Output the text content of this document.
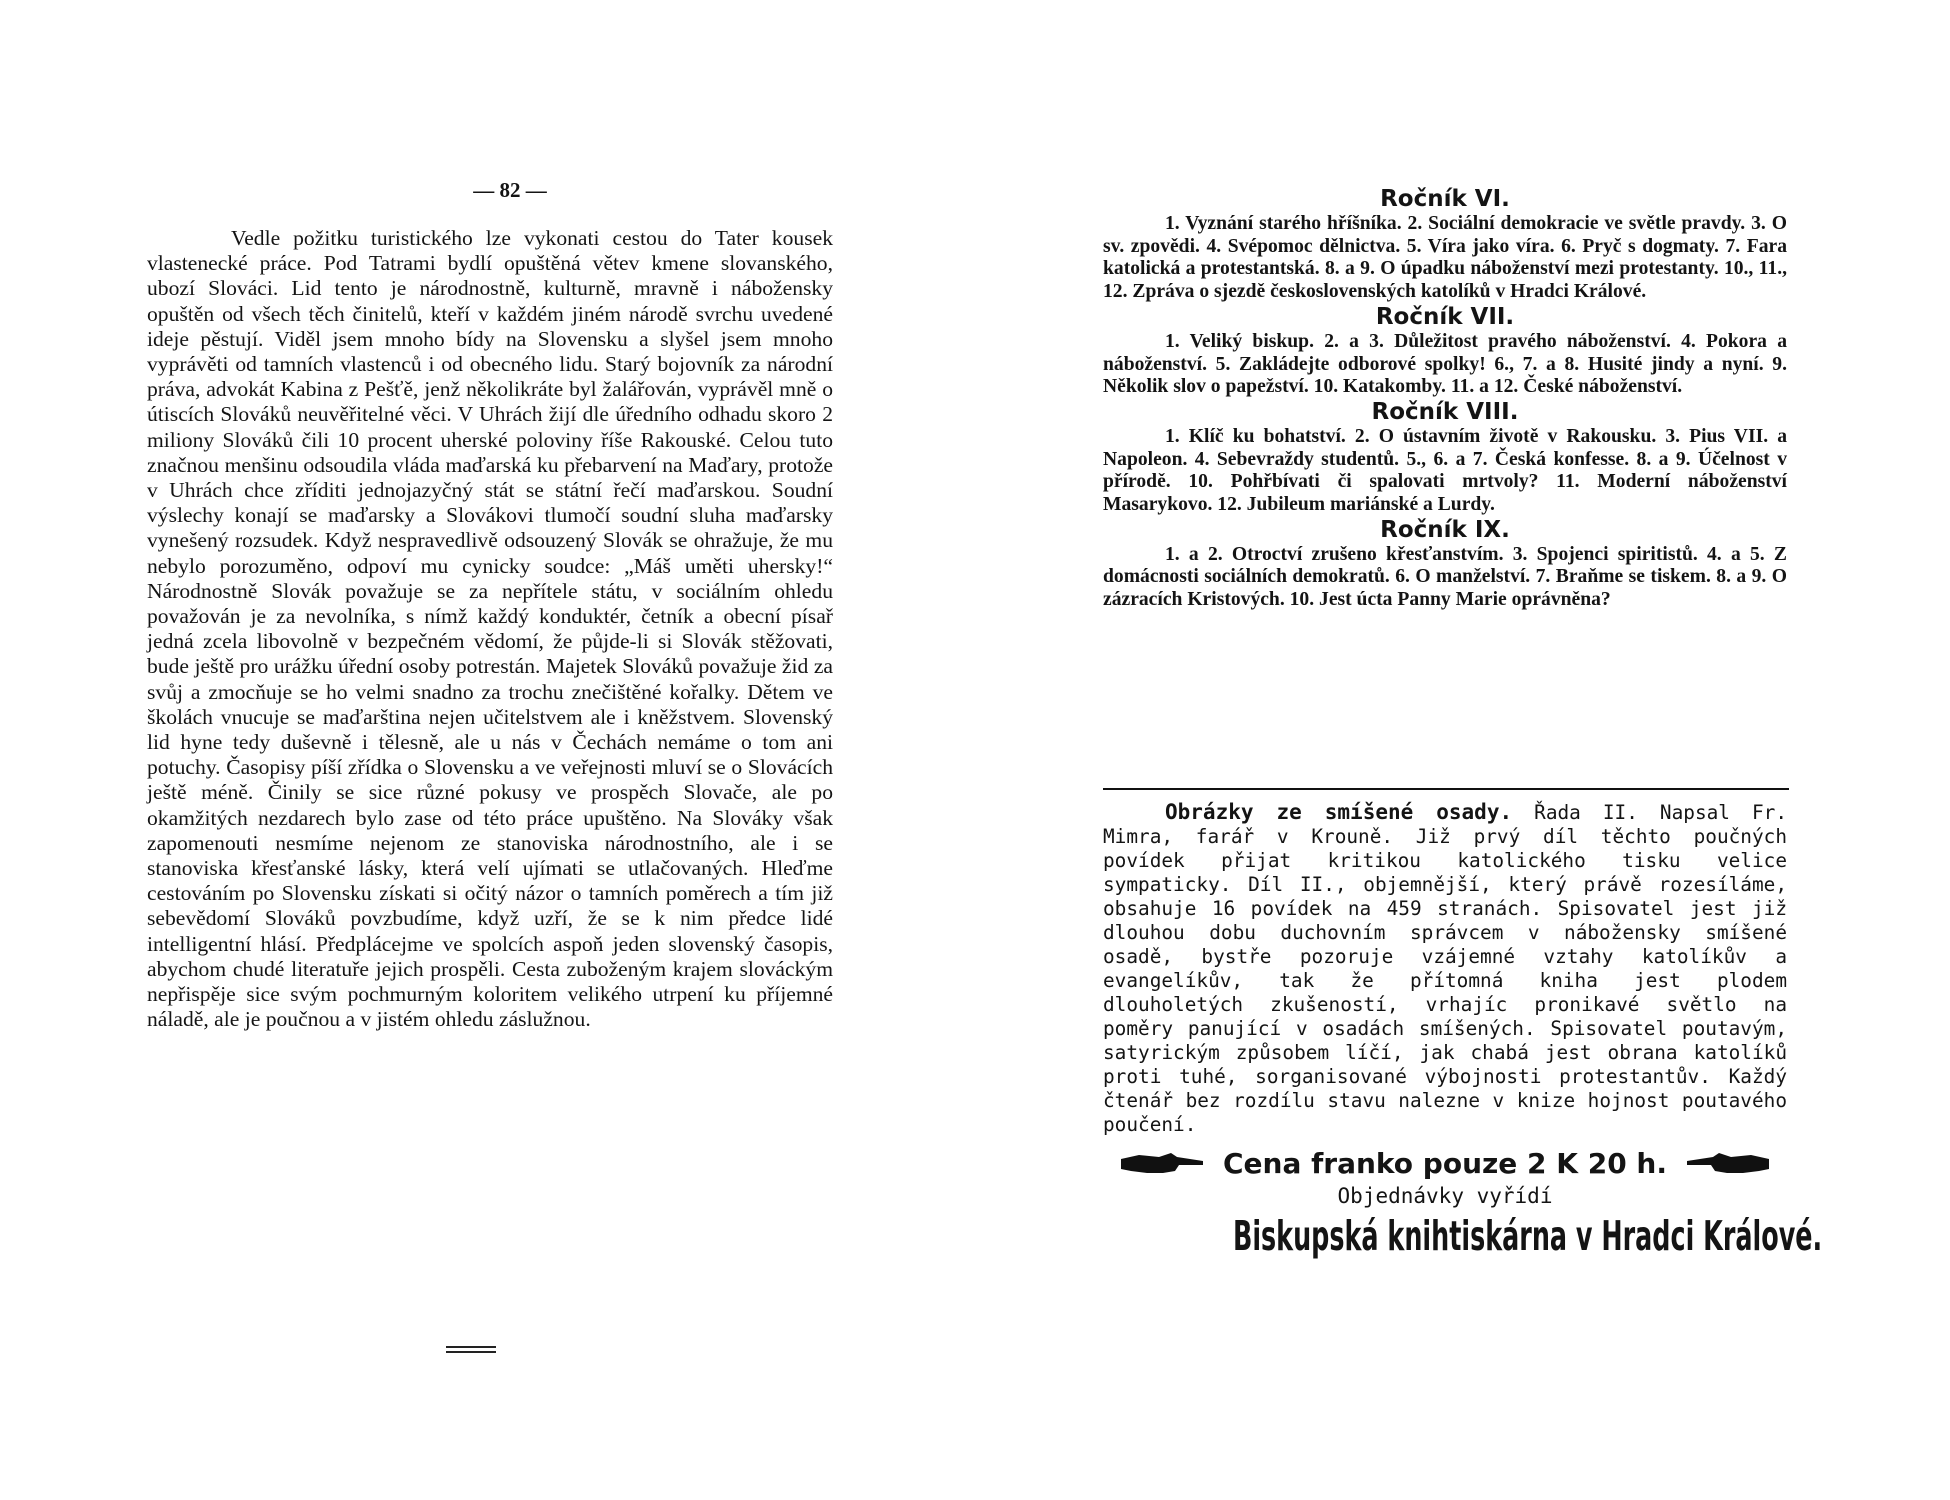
— 82 —

Vedle požitku turistického lze vykonati cestou do Tater kousek vlastenecké práce. Pod Tatrami bydlí opuštěná větev kmene slovanského, ubozí Slováci. Lid tento je národnostně, kulturně, mravně i nábožensky opuštěn od všech těch činitelů, kteří v každém jiném národě svrchu uvedené ideje pěstují. Viděl jsem mnoho bídy na Slovensku a slyšel jsem mnoho vyprávěti od tamních vlastenců i od obecného lidu. Starý bojovník za národní práva, advokát Kabina z Pešťě, jenž několikráte byl žalářován, vyprávěl mně o útiscích Slováků neuvěřitelné věci. V Uhrách žijí dle úředního odhadu skoro 2 miliony Slováků čili 10 procent uherské poloviny říše Rakouské. Celou tuto značnou menšinu odsoudila vláda maďarská ku přebarvení na Maďary, protože v Uhrách chce zříditi jednojazyčný stát se státní řečí maďarskou. Soudní výslechy konají se maďarsky a Slovákovi tlumočí soudní sluha maďarsky vynešený rozsudek. Když nespravedlivě odsouzený Slovák se ohražuje, že mu nebylo porozuměno, odpoví mu cynicky soudce: „Máš uměti uhersky!“ Národnostně Slovák považuje se za nepřítele státu, v sociálním ohledu považován je za nevolníka, s nímž každý konduktér, četník a obecní písař jedná zcela libovolně v bezpečném vědomí, že půjde-li si Slovák stěžovati, bude ještě pro urážku úřední osoby potrestán. Majetek Slováků považuje žid za svůj a zmocňuje se ho velmi snadno za trochu znečištěné kořalky. Dětem ve školách vnucuje se maďarština nejen učitelstvem ale i kněžstvem. Slovenský lid hyne tedy duševně i tělesně, ale u nás v Čechách nemáme o tom ani potuchy. Časopisy píší zřídka o Slovensku a ve veřejnosti mluví se o Slovácích ještě méně. Činily se sice různé pokusy ve prospěch Slovače, ale po okamžitých nezdarech bylo zase od této práce upuštěno. Na Slováky však zapomenouti nesmíme nejenom ze stanoviska národnostního, ale i se stanoviska křesťanské lásky, která velí ujímati se utlačovaných. Hleďme cestováním po Slovensku získati si očitý názor o tamních poměrech a tím již sebevědomí Slováků povzbudíme, když uzří, že se k nim předce lidé intelligentní hlásí. Předplácejme ve spolcích aspoň jeden slovenský časopis, abychom chudé literatuře jejich prospěli. Cesta zuboženým krajem slováckým nepřispěje sice svým pochmurným koloritem velikého utrpení ku příjemné náladě, ale je poučnou a v jistém ohledu záslužnou.

Ročník VI.

1. Vyznání starého hříšníka. 2. Sociální demokracie ve světle pravdy. 3. O sv. zpovědi. 4. Svépomoc dělnictva. 5. Víra jako víra. 6. Pryč s dogmaty. 7. Fara katolická a protestantská. 8. a 9. O úpadku náboženství mezi protestanty. 10., 11., 12. Zpráva o sjezdě československých katolíků v Hradci Králové.

Ročník VII.

1. Veliký biskup. 2. a 3. Důležitost pravého náboženství. 4. Pokora a náboženství. 5. Zakládejte odborové spolky! 6., 7. a 8. Husité jindy a nyní. 9. Několik slov o papežství. 10. Katakomby. 11. a 12. České náboženství.

Ročník VIII.

1. Klíč ku bohatství. 2. O ústavním životě v Rakousku. 3. Pius VII. a Napoleon. 4. Sebevraždy studentů. 5., 6. a 7. Česká konfesse. 8. a 9. Účelnost v přírodě. 10. Pohřbívati či spalovati mrtvoly? 11. Moderní náboženství Masarykovo. 12. Jubileum mariánské a Lurdy.

Ročník IX.

1. a 2. Otroctví zrušeno křesťanstvím. 3. Spojenci spiritistů. 4. a 5. Z domácnosti sociálních demokratů. 6. O manželství. 7. Braňme se tiskem. 8. a 9. O zázracích Kristových. 10. Jest úcta Panny Marie oprávněna?

Obrázky ze smíšené osady. Řada II. Napsal Fr. Mimra, farář v Krouně. Již prvý díl těchto poučných povídek přijat kritikou katolického tisku velice sympaticky. Díl II., objemnější, který právě rozesíláme, obsahuje 16 povídek na 459 stranách. Spisovatel jest již dlouhou dobu duchovním správcem v nábožensky smíšené osadě, bystře pozoruje vzájemné vztahy katolíkův a evangelíkův, tak že přítomná kniha jest plodem dlouholetých zkušeností, vrhajíc pronikavé světlo na poměry panující v osadách smíšených. Spisovatel poutavým, satyrickým způsobem líčí, jak chabá jest obrana katolíků proti tuhé, sorganisované výbojnosti protestantův. Každý čtenář bez rozdílu stavu nalezne v knize hojnost poutavého poučení.

Cena franko pouze 2 K 20 h.
Objednávky vyřídí
Biskupská knihtiskárna v Hradci Králové.
